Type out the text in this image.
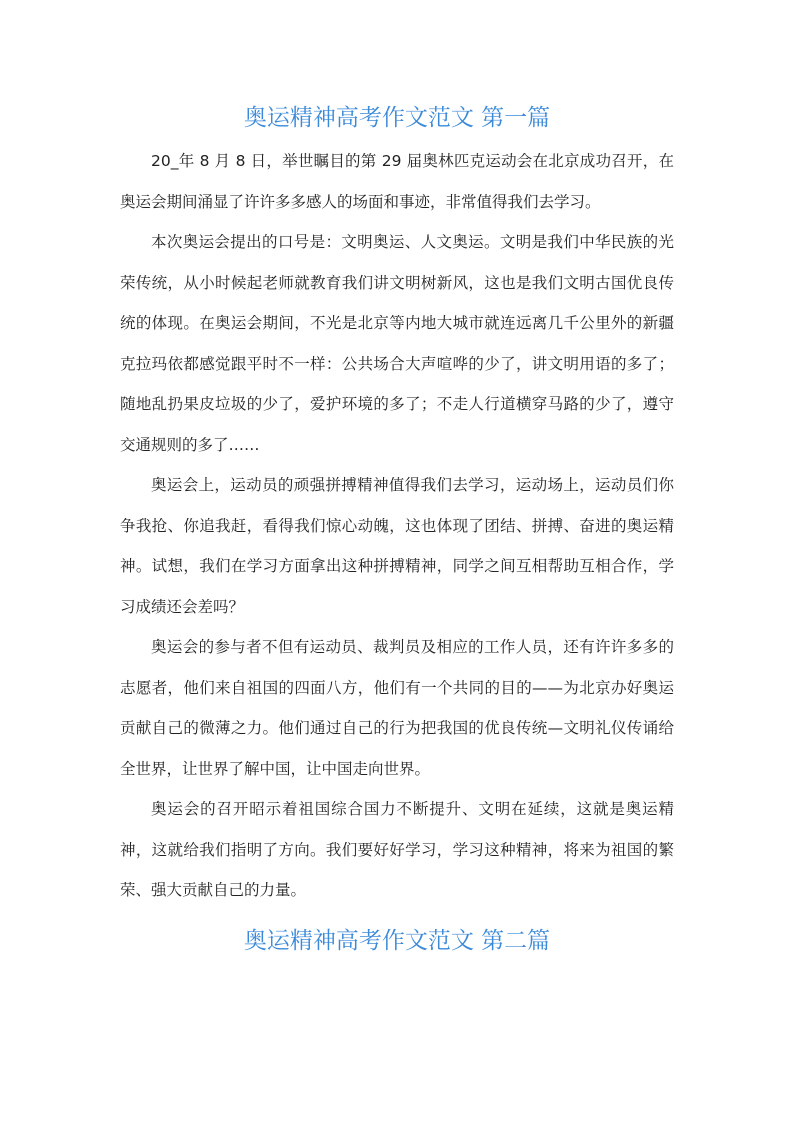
奥运精神高考作文范文 第一篇

20_年 8 月 8 日，举世瞩目的第 29 届奥林匹克运动会在北京成功召开，在奥运会期间涌显了许许多多感人的场面和事迹，非常值得我们去学习。

本次奥运会提出的口号是：文明奥运、人文奥运。文明是我们中华民族的光荣传统，从小时候起老师就教育我们讲文明树新风，这也是我们文明古国优良传统的体现。在奥运会期间，不光是北京等内地大城市就连远离几千公里外的新疆克拉玛依都感觉跟平时不一样：公共场合大声喧哗的少了，讲文明用语的多了；随地乱扔果皮垃圾的少了，爱护环境的多了；不走人行道横穿马路的少了，遵守交通规则的多了……

奥运会上，运动员的顽强拼搏精神值得我们去学习，运动场上，运动员们你争我抢、你追我赶，看得我们惊心动魄，这也体现了团结、拼搏、奋进的奥运精神。试想，我们在学习方面拿出这种拼搏精神，同学之间互相帮助互相合作，学习成绩还会差吗？

奥运会的参与者不但有运动员、裁判员及相应的工作人员，还有许许多多的志愿者，他们来自祖国的四面八方，他们有一个共同的目的——为北京办好奥运贡献自己的微薄之力。他们通过自己的行为把我国的优良传统—文明礼仪传诵给全世界，让世界了解中国，让中国走向世界。

奥运会的召开昭示着祖国综合国力不断提升、文明在延续，这就是奥运精神，这就给我们指明了方向。我们要好好学习，学习这种精神，将来为祖国的繁荣、强大贡献自己的力量。

奥运精神高考作文范文 第二篇
